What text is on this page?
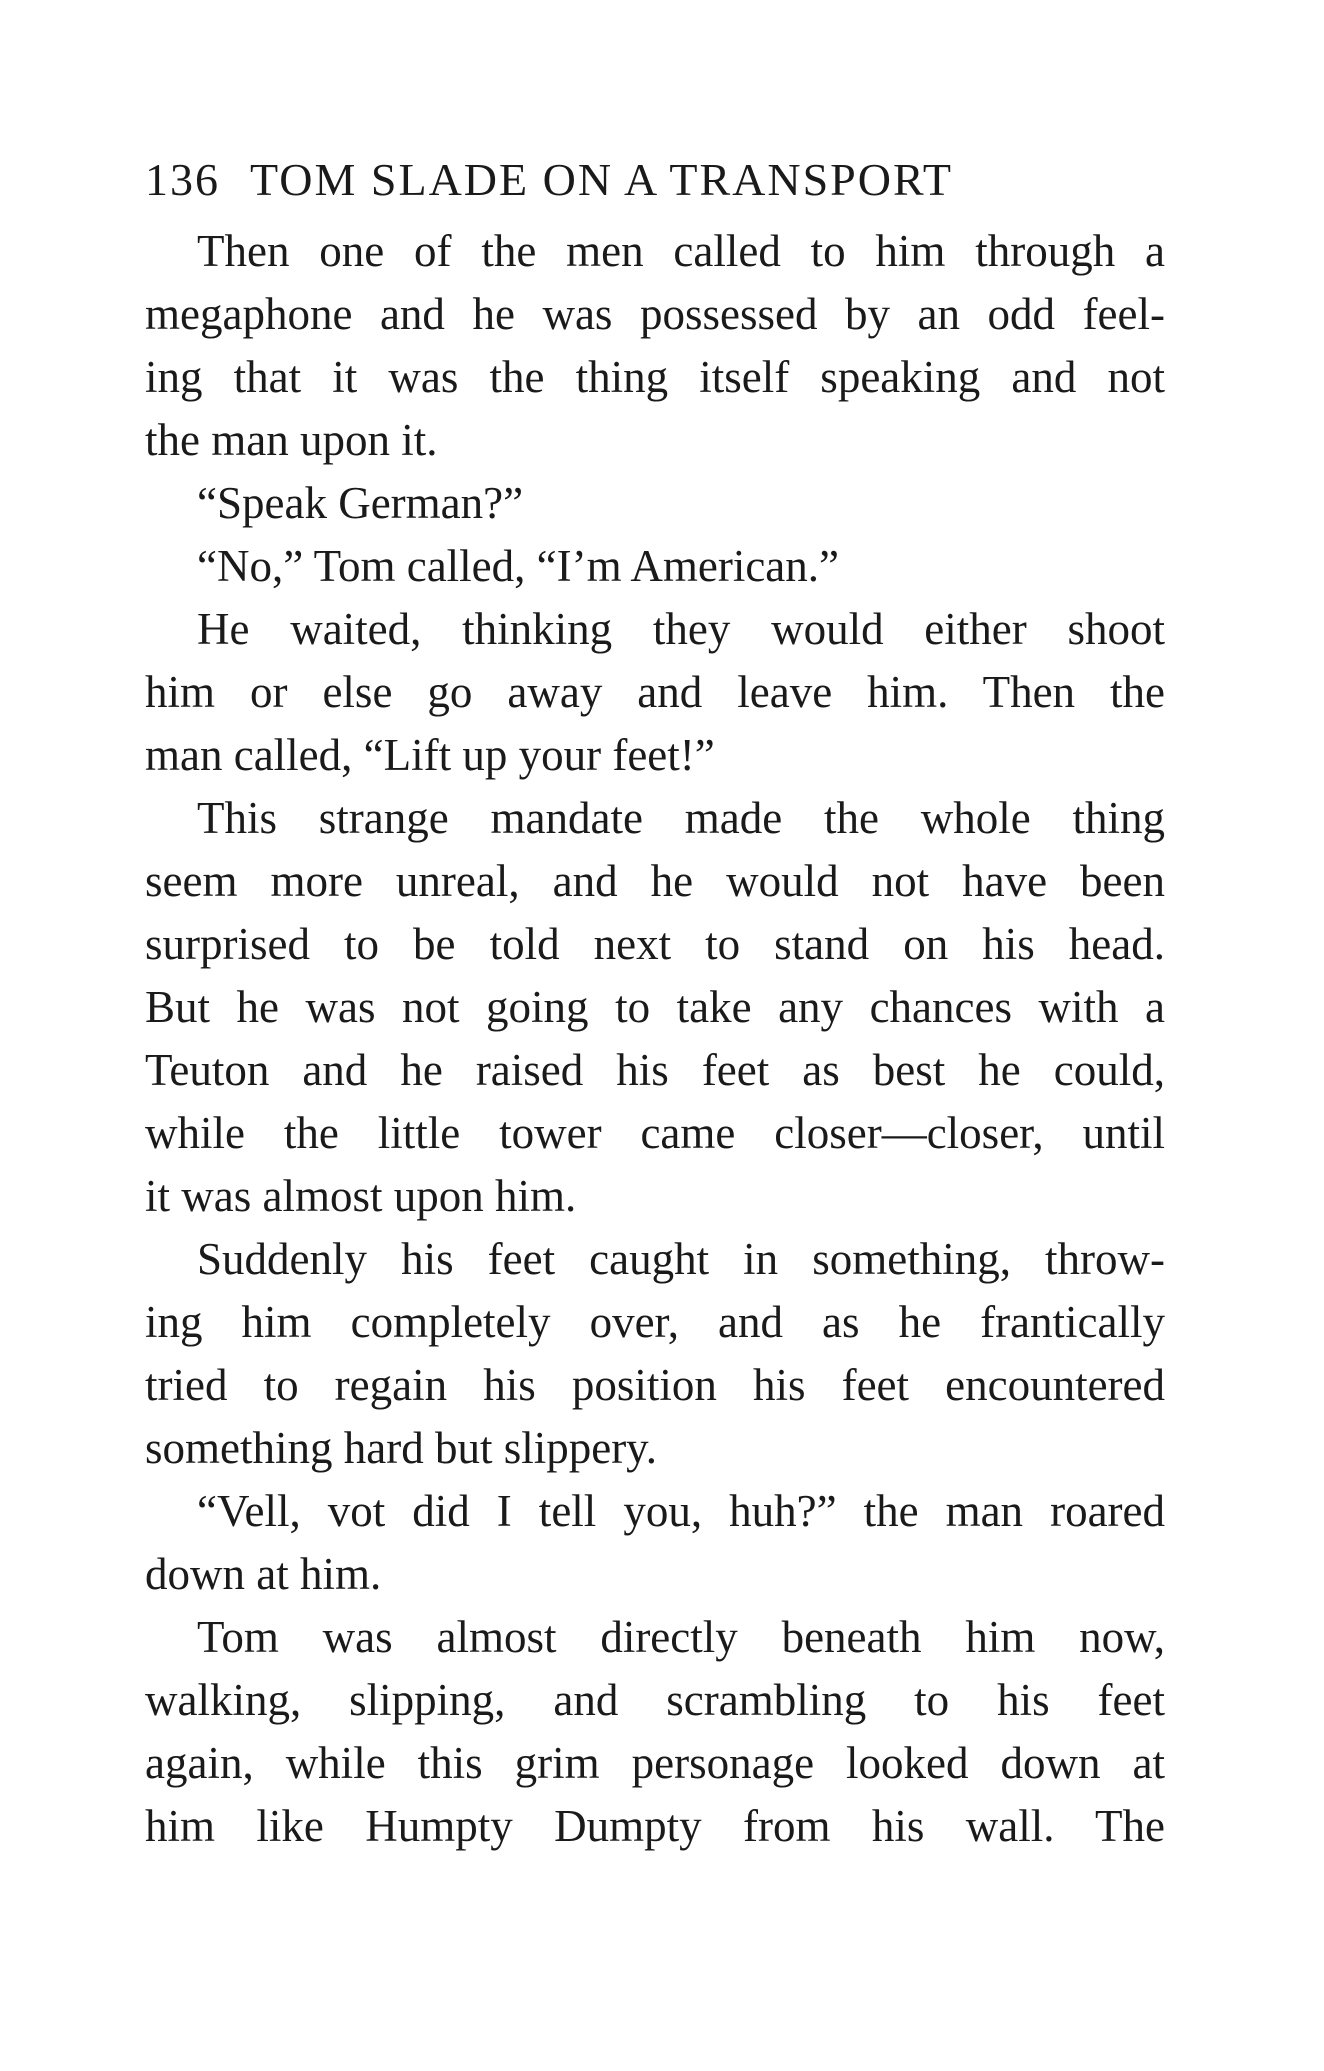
136 TOM SLADE ON A TRANSPORT
Then one of the men called to him through a
megaphone and he was possessed by an odd feel-
ing that it was the thing itself speaking and not
the man upon it.
“Speak German?”
“No,” Tom called, “I’m American.”
He waited, thinking they would either shoot
him or else go away and leave him. Then the
man called, “Lift up your feet!”
This strange mandate made the whole thing
seem more unreal, and he would not have been
surprised to be told next to stand on his head.
But he was not going to take any chances with a
Teuton and he raised his feet as best he could,
while the little tower came closer—closer, until
it was almost upon him.
Suddenly his feet caught in something, throw-
ing him completely over, and as he frantically
tried to regain his position his feet encountered
something hard but slippery.
“Vell, vot did I tell you, huh?” the man roared
down at him.
Tom was almost directly beneath him now,
walking, slipping, and scrambling to his feet
again, while this grim personage looked down at
him like Humpty Dumpty from his wall. The
